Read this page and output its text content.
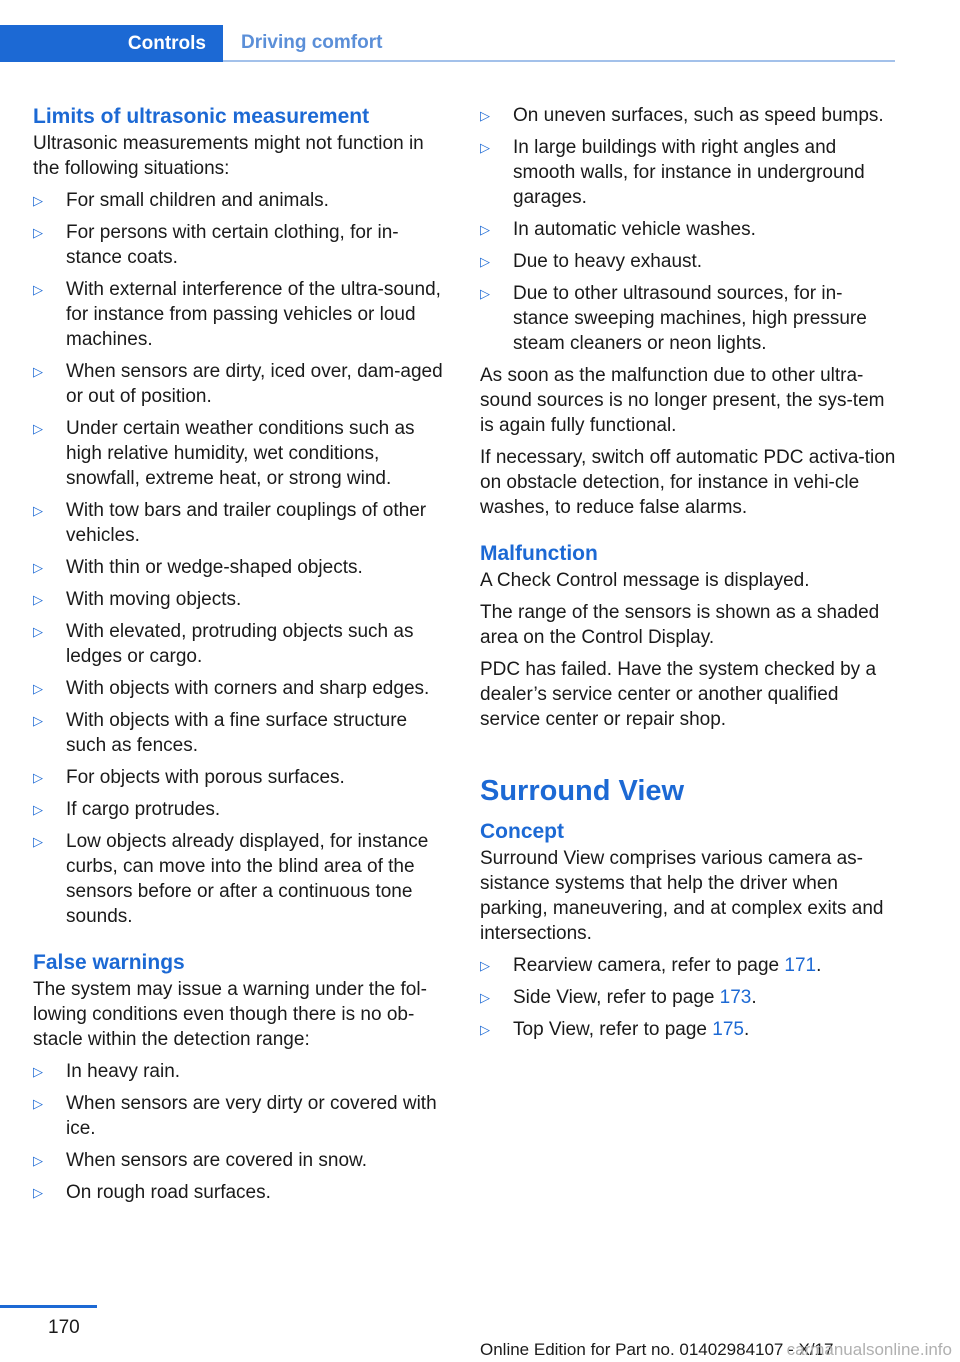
Controls	Driving comfort
Limits of ultrasonic measurement

Ultrasonic measurements might not function in the following situations:

▷ For small children and animals.
▷ For persons with certain clothing, for in-stance coats.
▷ With external interference of the ultra-sound, for instance from passing vehicles or loud machines.
▷ When sensors are dirty, iced over, dam-aged or out of position.
▷ Under certain weather conditions such as high relative humidity, wet conditions, snowfall, extreme heat, or strong wind.
▷ With tow bars and trailer couplings of other vehicles.
▷ With thin or wedge-shaped objects.
▷ With moving objects.
▷ With elevated, protruding objects such as ledges or cargo.
▷ With objects with corners and sharp edges.
▷ With objects with a fine surface structure such as fences.
▷ For objects with porous surfaces.
▷ If cargo protrudes.
▷ Low objects already displayed, for instance curbs, can move into the blind area of the sensors before or after a continuous tone sounds.
False warnings

The system may issue a warning under the fol-lowing conditions even though there is no ob-stacle within the detection range:

▷ In heavy rain.
▷ When sensors are very dirty or covered with ice.
▷ When sensors are covered in snow.
▷ On rough road surfaces.
▷ On uneven surfaces, such as speed bumps.
▷ In large buildings with right angles and smooth walls, for instance in underground garages.
▷ In automatic vehicle washes.
▷ Due to heavy exhaust.
▷ Due to other ultrasound sources, for in-stance sweeping machines, high pressure steam cleaners or neon lights.

As soon as the malfunction due to other ultra-sound sources is no longer present, the sys-tem is again fully functional.

If necessary, switch off automatic PDC activa-tion on obstacle detection, for instance in vehi-cle washes, to reduce false alarms.

Malfunction

A Check Control message is displayed.

The range of the sensors is shown as a shaded area on the Control Display.

PDC has failed. Have the system checked by a dealer’s service center or another qualified service center or repair shop.

Surround View
Concept

Surround View comprises various camera as-sistance systems that help the driver when parking, maneuvering, and at complex exits and intersections.

▷ Rearview camera, refer to page 171.
▷ Side View, refer to page 173.
▷ Top View, refer to page 175.
170
Online Edition for Part no. 01402984107 - X/17
carmanualsonline.info
